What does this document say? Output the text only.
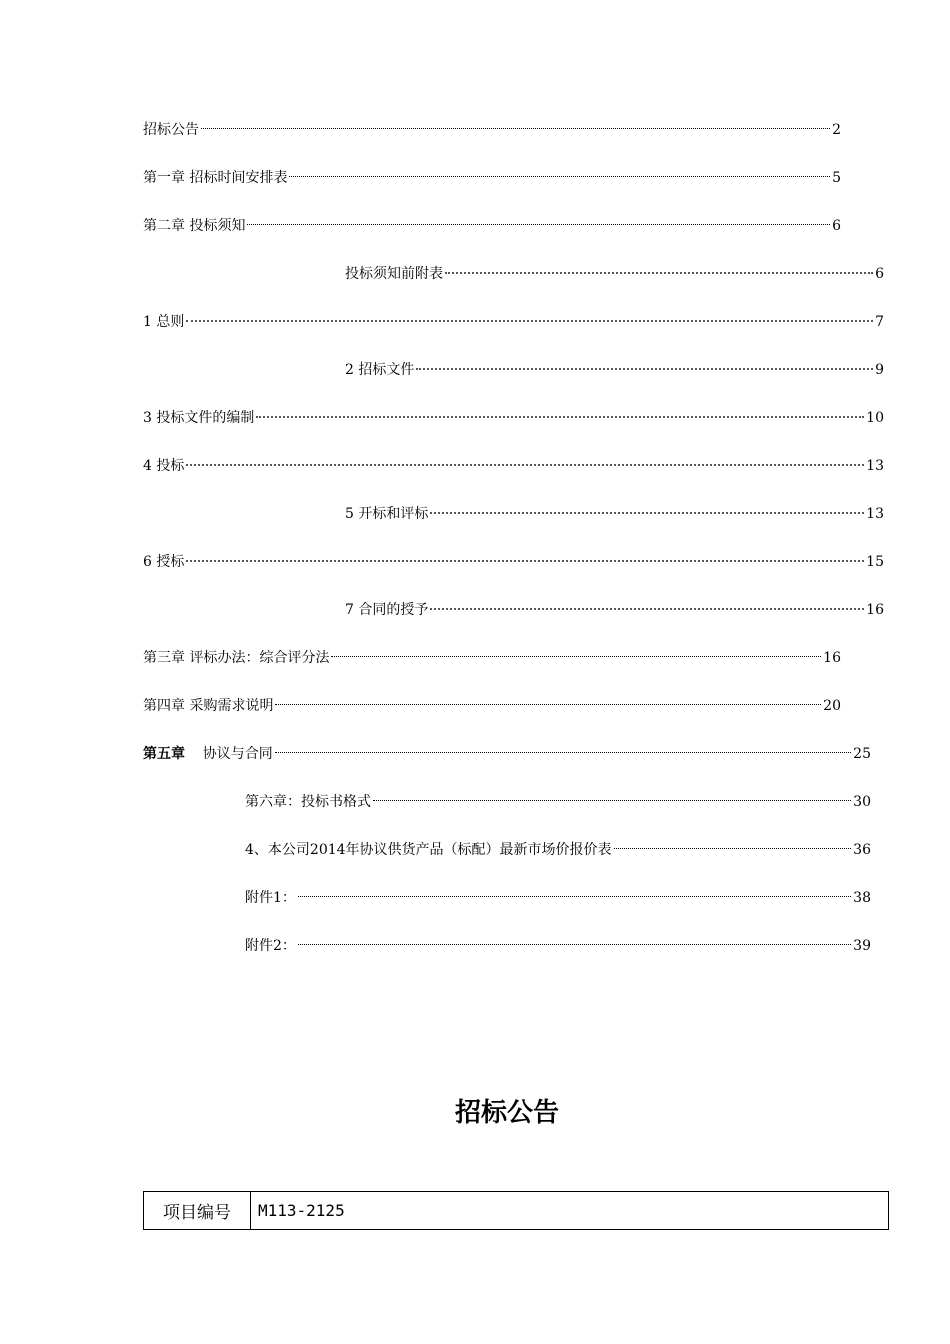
招标公告	2
第一章 招标时间安排表	5
第二章 投标须知	6
投标须知前附表	6
1 总则	7
2 招标文件	9
3 投标文件的编制	10
4 投标	13
5 开标和评标	13
6 授标	15
7 合同的授予	16
第三章 评标办法：综合评分法	16
第四章 采购需求说明	20
第五章 协议与合同	25
第六章：投标书格式	30
4、本公司2014年协议供货产品（标配）最新市场价报价表	36
附件1：	38
附件2：	39
招标公告
项目编号	M113-2125
